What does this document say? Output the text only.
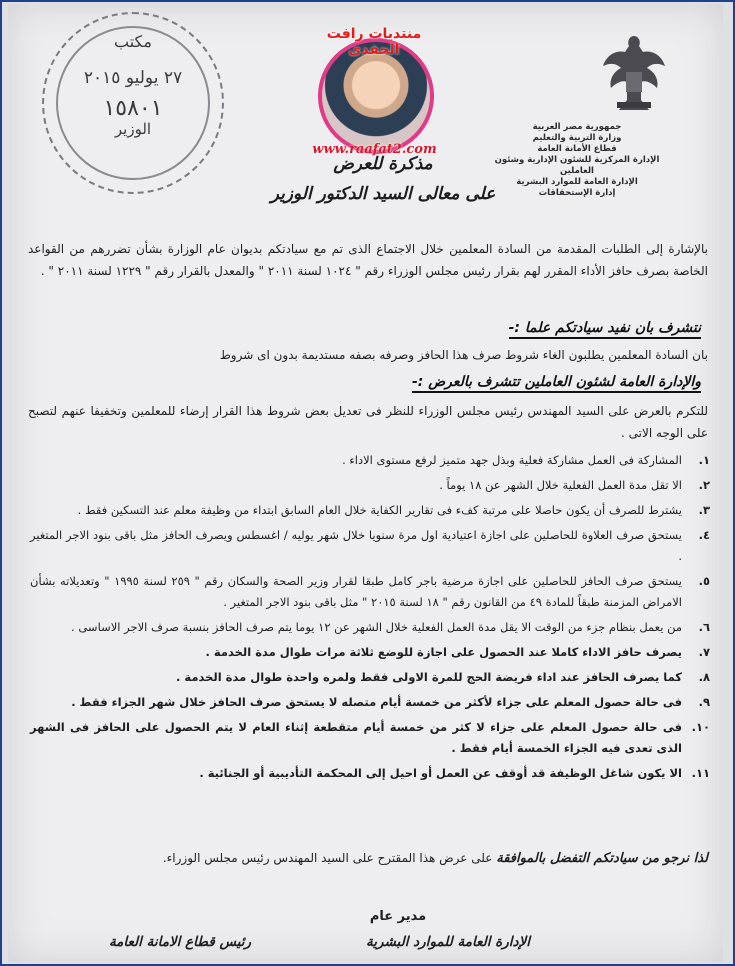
مكتب
٢٧ يوليو ٢٠١٥
١٥٨٠١
الوزير
منتديات رافت الحفدى
www.raafat2.com
جمهورية مصر العربية
وزارة التربية والتعليم
قطاع الأمانة العامة
الإدارة المركزية للشئون الإدارية وشئون العاملين
الإدارة العامة للموارد البشرية
إدارة الإستحقاقات
مذكرة للعرض
على معالى السيد الدكتور الوزير
بالإشارة إلى الطلبات المقدمة من السادة المعلمين خلال الاجتماع الذى تم مع سيادتكم بديوان عام الوزارة بشأن تضررهم من القواعد الخاصة بصرف حافز الأداء المقرر لهم بقرار رئيس مجلس الوزراء رقم " ١٠٢٤ لسنة ٢٠١١ " والمعدل بالقرار رقم " ١٢٢٩ لسنة ٢٠١١ " .
نتشرف بان نفيد سيادتكم علما :-
بان السادة المعلمين يطلبون الغاء شروط صرف هذا الحافز وصرفه بصفه مستديمة بدون اى شروط
والإدارة العامة لشئون العاملين تتشرف بالعرض :-
للتكرم بالعرض على السيد المهندس رئيس مجلس الوزراء للنظر فى تعديل بعض شروط هذا القرار إرضاء للمعلمين وتخفيفا عنهم لتصبح على الوجه الاتى .
١.
المشاركة فى العمل مشاركة فعلية وبذل جهد متميز لرفع مستوى الاداء .
٢.
الا تقل مدة العمل الفعلية خلال الشهر عن ١٨ يوماً .
٣.
يشترط للصرف أن يكون حاصلا على مرتبة كفء فى تقارير الكفاية خلال العام السابق ابتداء من وظيفة معلم عند التسكين فقط .
٤.
يستحق صرف العلاوة للحاصلين على اجازة اعتيادية اول مرة سنويا خلال شهر يوليه / اغسطس ويصرف الحافز مثل باقى بنود الاجر المتغير .
٥.
يستحق صرف الحافز للحاصلين على اجازة مرضية باجر كامل طبقا لقرار وزير الصحة والسكان رقم " ٢٥٩ لسنة ١٩٩٥ " وتعديلاته بشأن الامراض المزمنة طبقاً للمادة ٤٩ من القانون رقم " ١٨ لسنة ٢٠١٥ " مثل باقى بنود الاجر المتغير .
٦.
من يعمل بنظام جزء من الوقت الا يقل مدة العمل الفعلية خلال الشهر عن ١٢ يوما يتم صرف الحافز بنسبة صرف الاجر الاساسى .
٧.
يصرف حافز الاداء كاملا عند الحصول على اجازة للوضع ثلاثة مرات طوال مدة الخدمة .
٨.
كما يصرف الحافز عند اداء فريضة الحج للمرة الاولى فقط ولمره واحدة طوال مدة الخدمة .
٩.
فى حالة حصول المعلم على جزاء لأكثر من خمسة أيام متصله لا يستحق صرف الحافز خلال شهر الجزاء فقط .
١٠.
فى حالة حصول المعلم على جزاء لا كثر من خمسة أيام متقطعة إثناء العام لا يتم الحصول على الحافز فى الشهر الذى تعدى فيه الجزاء الخمسة أيام فقط .
١١.
الا يكون شاغل الوظيفة قد أوقف عن العمل أو احيل إلى المحكمة التأديبية أو الجنائية .
لذا نرجو من سيادتكم التفضل بالموافقة على عرض هذا المقترح على السيد المهندس رئيس مجلس الوزراء.
مدير عام
الإدارة العامة للموارد البشرية
رئيس قطاع الامانة العامة
